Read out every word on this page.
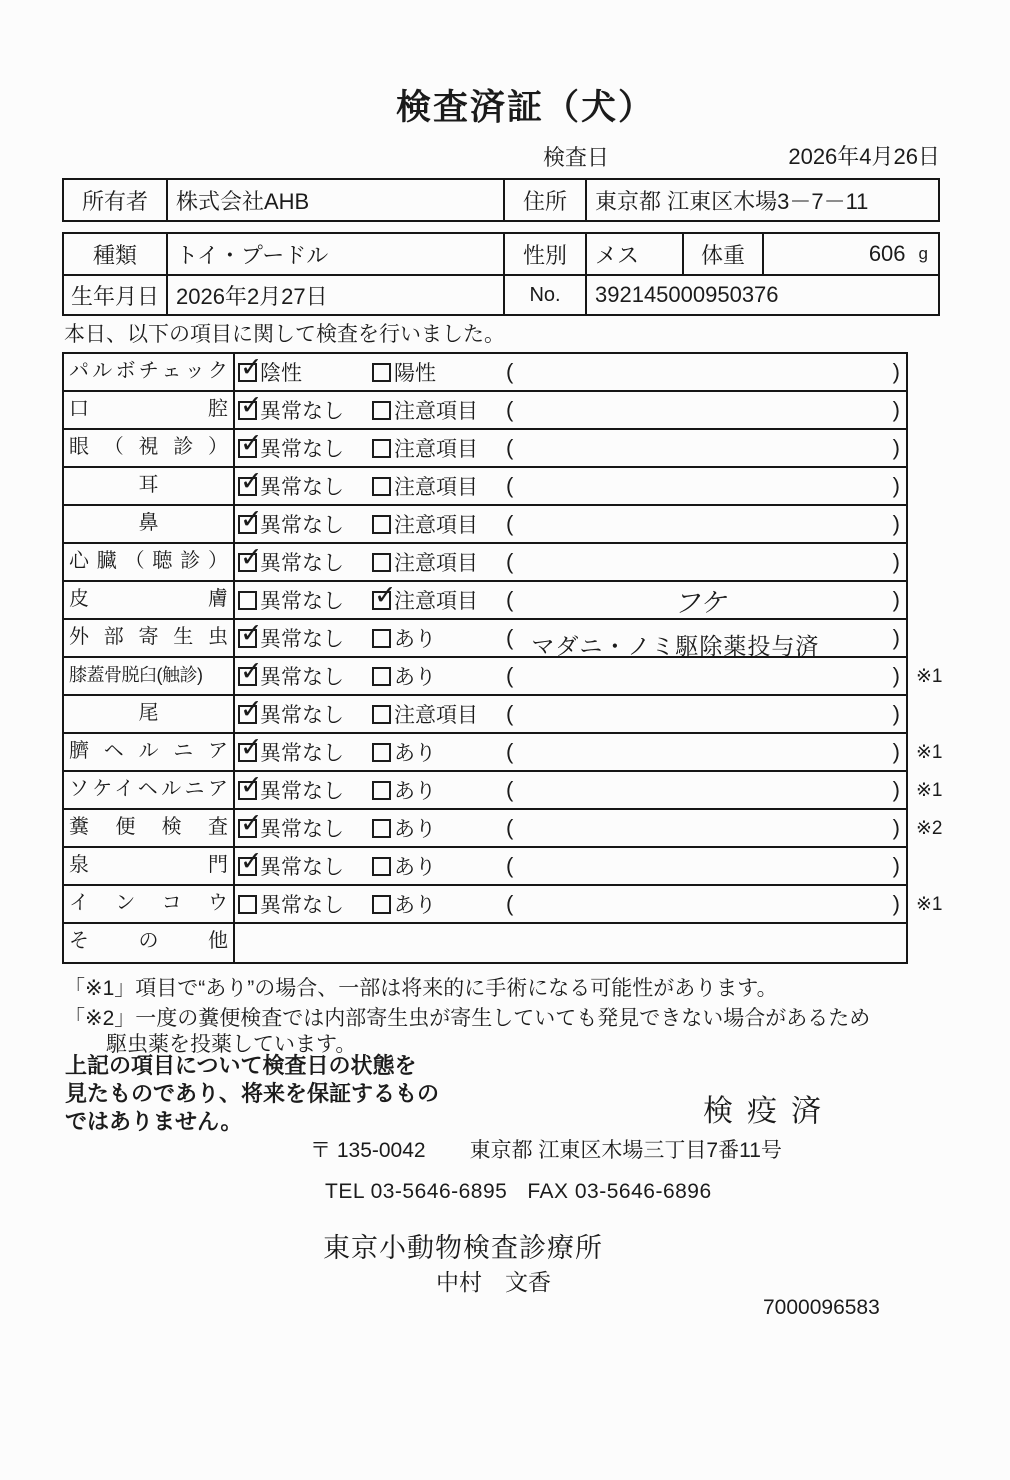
検査済証（犬）
検査日	2026年4月26日
所有者	株式会社AHB	住所	東京都 江東区木場3－7－11
種類	トイ・プードル	性別	メス	体重	606 g
生年月日 2026年2月27日	No.	392145000950376
本日、以下の項目に関して検査を行いました。
パルボチェック ✓	陰性	陽性	(	)
口腔 ✓	異常なし 注意項目 (	)
眼（視診） ✓	異常なし 注意項目 (	)
耳 ✓	異常なし 注意項目 (	)
鼻 ✓	異常なし 注意項目 (	)
心臓（聴診） ✓	異常なし 注意項目 (	)
皮膚	異常なし ✓ 注意項目 (	フケ	)
外部寄生虫 ✓	異常なし あり	( マダニ・ノミ駆除薬投与済	)
膝蓋骨脱臼(触診) ✓	異常なし あり	(	) ※1
尾 ✓	異常なし 注意項目 (	)
臍ヘルニア ✓	異常なし あり	(	) ※1
ソケイヘルニア ✓	異常なし あり	(	) ※1
糞便検査 ✓	異常なし あり	(	) ※2
泉門 ✓	異常なし あり	(	)
インコウ	異常なし あり	(	) ※1
その他
「※1」項目で“あり”の場合、一部は将来的に手術になる可能性があります。
「※2」一度の糞便検査では内部寄生虫が寄生していても発見できない場合があるため
駆虫薬を投薬しています。
上記の項目について検査日の状態を
見たものであり、将来を保証するもの
ではありません。	検疫済
〒 135-0042 東京都 江東区木場三丁目7番11号
TEL 03-5646-6895 FAX 03-5646-6896
東京小動物検査診療所
中村　文香
7000096583
